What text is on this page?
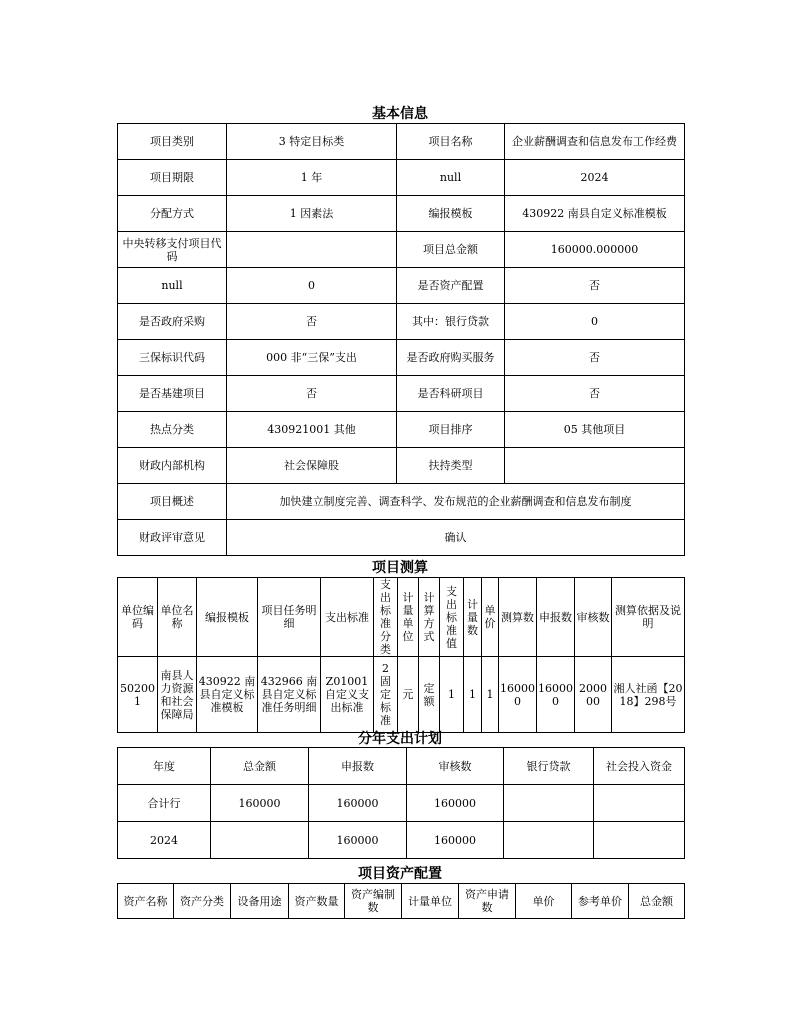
基本信息
项目类别	3 特定目标类	项目名称	企业薪酬调查和信息发布工作经费
项目期限	1 年	null	2024
分配方式	1 因素法	编报模板	430922 南县自定义标准模板
中央转移支付项目代码		项目总金额	160000.000000
null	0	是否资产配置	否
是否政府采购	否	其中：银行贷款	0
三保标识代码	000 非“三保”支出	是否政府购买服务	否
是否基建项目	否	是否科研项目	否
热点分类	430921001 其他	项目排序	05 其他项目
财政内部机构	社会保障股	扶持类型	
项目概述	加快建立制度完善、调查科学、发布规范的企业薪酬调查和信息发布制度		
财政评审意见	确认		
项目测算
单位编码	单位名称	编报模板	项目任务明细	支出标准	支出标准分类	计量单位	计算方式	支出标准值	计量数	单价	测算数	申报数	审核数	测算依据及说明
502001	南县人力资源和社会保障局	430922 南县自定义标准模板	432966 南县自定义标准任务明细	Z01001 自定义支出标准	2 固定标准	元	定额	1	1	1	160000	160000	200000	湘人社函【2018】298号
分年支出计划
年度	总金额	申报数	审核数	银行贷款	社会投入资金
合计行	160000	160000	160000		
2024		160000	160000		
项目资产配置
资产名称	资产分类	设备用途	资产数量	资产编制数	计量单位	资产申请数	单价	参考单价	总金额
